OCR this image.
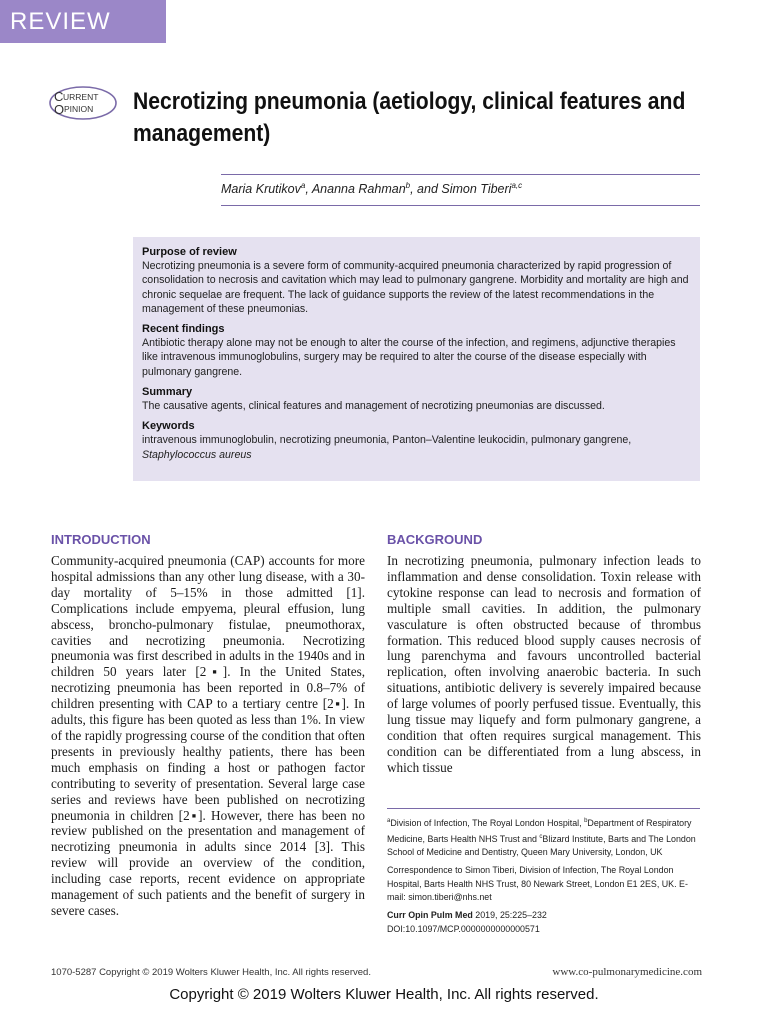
REVIEW
C URRENT
O PINION Necrotizing pneumonia (aetiology, clinical features and management)
Maria Krutikov$^a$, Ananna Rahman$^b$, and Simon Tiberi$^{a,c}$
Purpose of review

Necrotizing pneumonia is a severe form of community-acquired pneumonia characterized by rapid progression of consolidation to necrosis and cavitation which may lead to pulmonary gangrene. Morbidity and mortality are high and chronic sequelae are frequent. The lack of guidance supports the review of the latest recommendations in the management of these pneumonias.

Recent findings

Antibiotic therapy alone may not be enough to alter the course of the infection, and regimens, adjunctive therapies like intravenous immunoglobulins, surgery may be required to alter the course of the disease especially with pulmonary gangrene.

Summary

The causative agents, clinical features and management of necrotizing pneumonias are discussed.

Keywords

intravenous immunoglobulin, necrotizing pneumonia, Panton–Valentine leukocidin, pulmonary gangrene,
Staphylococcus aureus

INTRODUCTION

Community-acquired pneumonia (CAP) accounts for more hospital admissions than any other lung disease, with a 30-day mortality of 5–15% in those admitted [1]. Complications include empyema, pleural effusion, lung abscess, broncho-pulmonary fistulae, pneumothorax, cavities and necrotizing pneumonia. Necrotizing pneumonia was first described in adults in the 1940s and in children 50 years later [2▪]. In the United States, necrotizing pneumonia has been reported in 0.8–7% of children presenting with CAP to a tertiary centre [2▪]. In adults, this figure has been quoted as less than 1%. In view of the rapidly progressing course of the condition that often presents in previously healthy patients, there has been much emphasis on finding a host or pathogen factor contributing to severity of presentation. Several large case series and reviews have been published on necrotizing pneumonia in children [2▪]. However, there has been no review published on the presentation and management of necrotizing pneumonia in adults since 2014 [3]. This review will provide an overview of the condition, including case reports, recent evidence on appropriate management of such patients and the benefit of surgery in severe cases.

BACKGROUND

In necrotizing pneumonia, pulmonary infection leads to inflammation and dense consolidation. Toxin release with cytokine response can lead to necrosis and formation of multiple small cavities. In addition, the pulmonary vasculature is often obstructed because of thrombus formation. This reduced blood supply causes necrosis of lung parenchyma and favours uncontrolled bacterial replication, often involving anaerobic bacteria. In such situations, antibiotic delivery is severely impaired because of large volumes of poorly perfused tissue. Eventually, this lung tissue may liquefy and form pulmonary gangrene, a condition that often requires surgical management. This condition can be differentiated from a lung abscess, in which tissue

$^a$Division of Infection, The Royal London Hospital, $^b$Department of Respiratory Medicine, Barts Health NHS Trust and $^c$Blizard Institute, Barts and The London School of Medicine and Dentistry, Queen Mary University, London, UK

Correspondence to Simon Tiberi, Division of Infection, The Royal London Hospital, Barts Health NHS Trust, 80 Newark Street, London E1 2ES, UK. E-mail: simon.tiberi@nhs.net

Curr Opin Pulm Med 2019, 25:225–232
DOI:10.1097/MCP.0000000000000571

1070-5287 Copyright © 2019 Wolters Kluwer Health, Inc. All rights reserved.	www.co-pulmonarymedicine.com
Copyright © 2019 Wolters Kluwer Health, Inc. All rights reserved.
